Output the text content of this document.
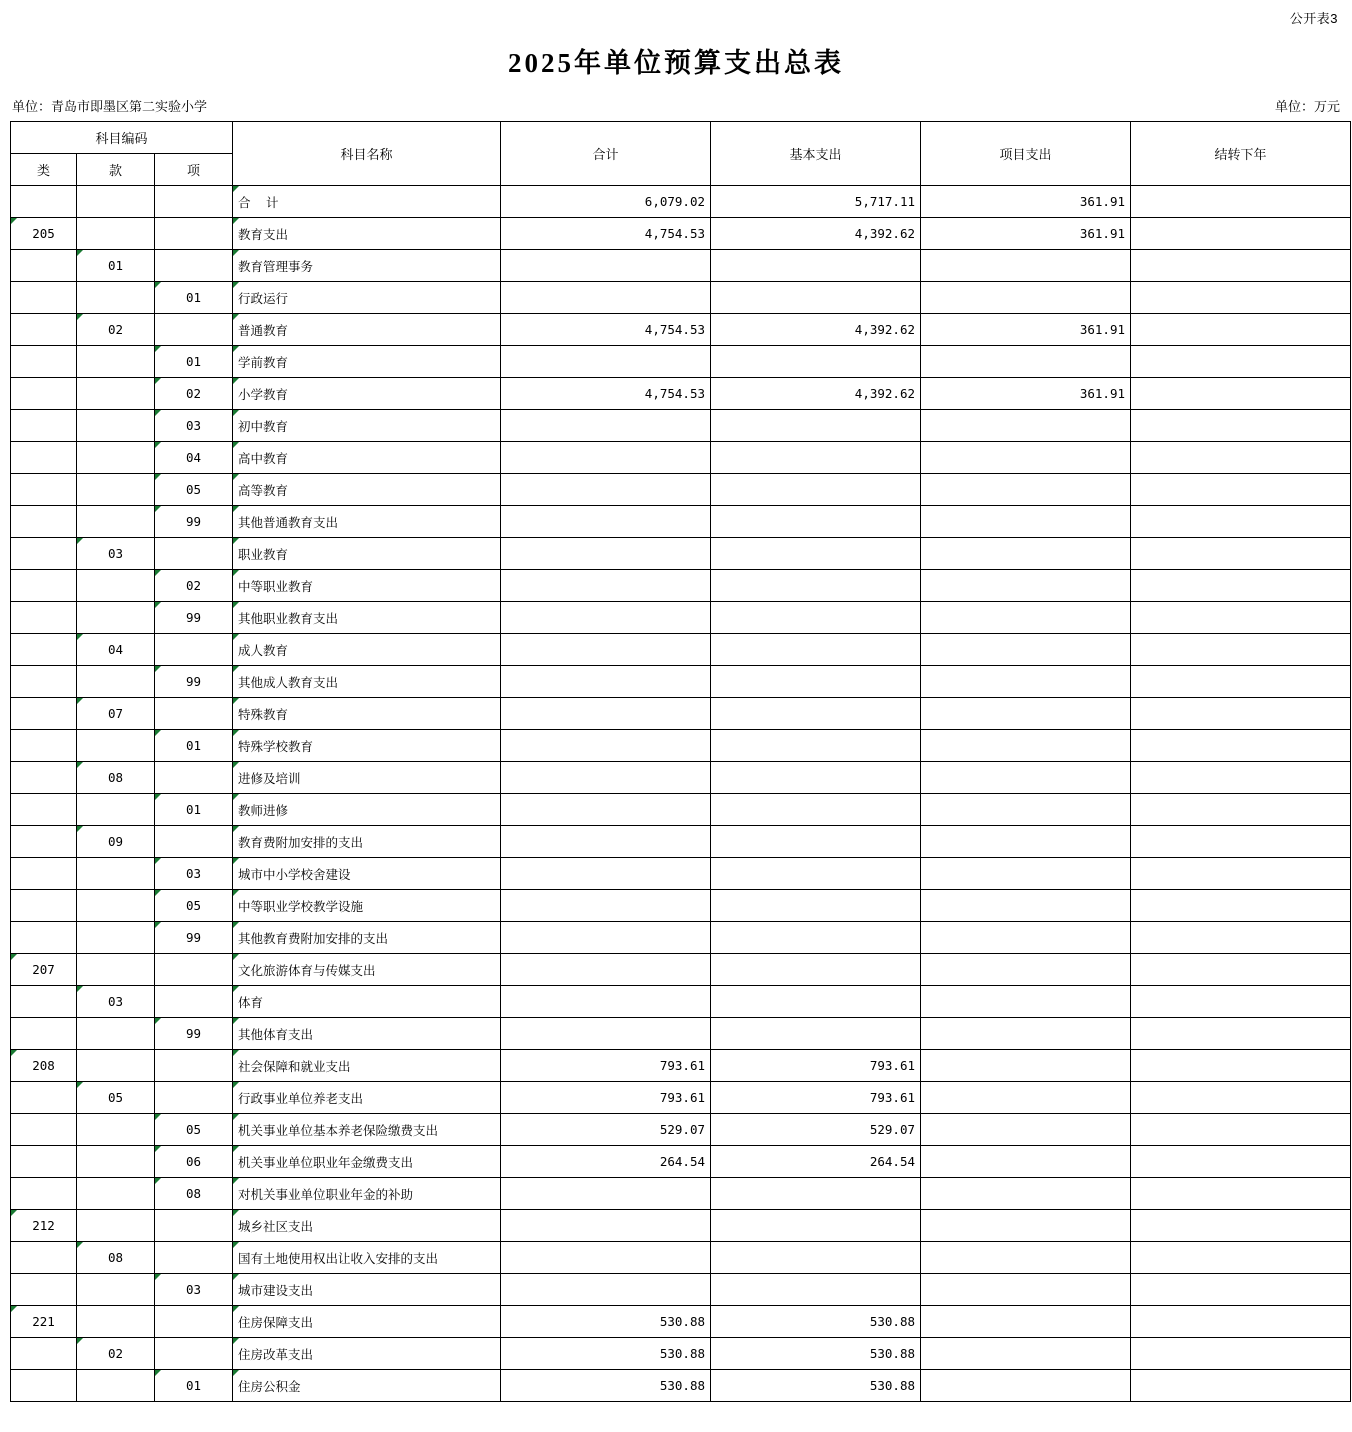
公开表3
2025年单位预算支出总表
单位：青岛市即墨区第二实验小学	单位：万元
科目编码			科目名称	合计	基本支出	项目支出	结转下年
类	款	项					
			合 计	6,079.02	5,717.11	361.91	
205			教育支出	4,754.53	4,392.62	361.91	
	01		教育管理事务				
		01	行政运行				
	02		普通教育	4,754.53	4,392.62	361.91	
		01	学前教育				
		02	小学教育	4,754.53	4,392.62	361.91	
		03	初中教育				
		04	高中教育				
		05	高等教育				
		99	其他普通教育支出				
	03		职业教育				
		02	中等职业教育				
		99	其他职业教育支出				
	04		成人教育				
		99	其他成人教育支出				
	07		特殊教育				
		01	特殊学校教育				
	08		进修及培训				
		01	教师进修				
	09		教育费附加安排的支出				
		03	城市中小学校舍建设				
		05	中等职业学校教学设施				
		99	其他教育费附加安排的支出				
207			文化旅游体育与传媒支出				
	03		体育				
		99	其他体育支出				
208			社会保障和就业支出	793.61	793.61		
	05		行政事业单位养老支出	793.61	793.61		
		05	机关事业单位基本养老保险缴费支出	529.07	529.07		
		06	机关事业单位职业年金缴费支出	264.54	264.54		
		08	对机关事业单位职业年金的补助				
212			城乡社区支出				
	08		国有土地使用权出让收入安排的支出				
		03	城市建设支出				
221			住房保障支出	530.88	530.88		
	02		住房改革支出	530.88	530.88		
		01	住房公积金	530.88	530.88		
